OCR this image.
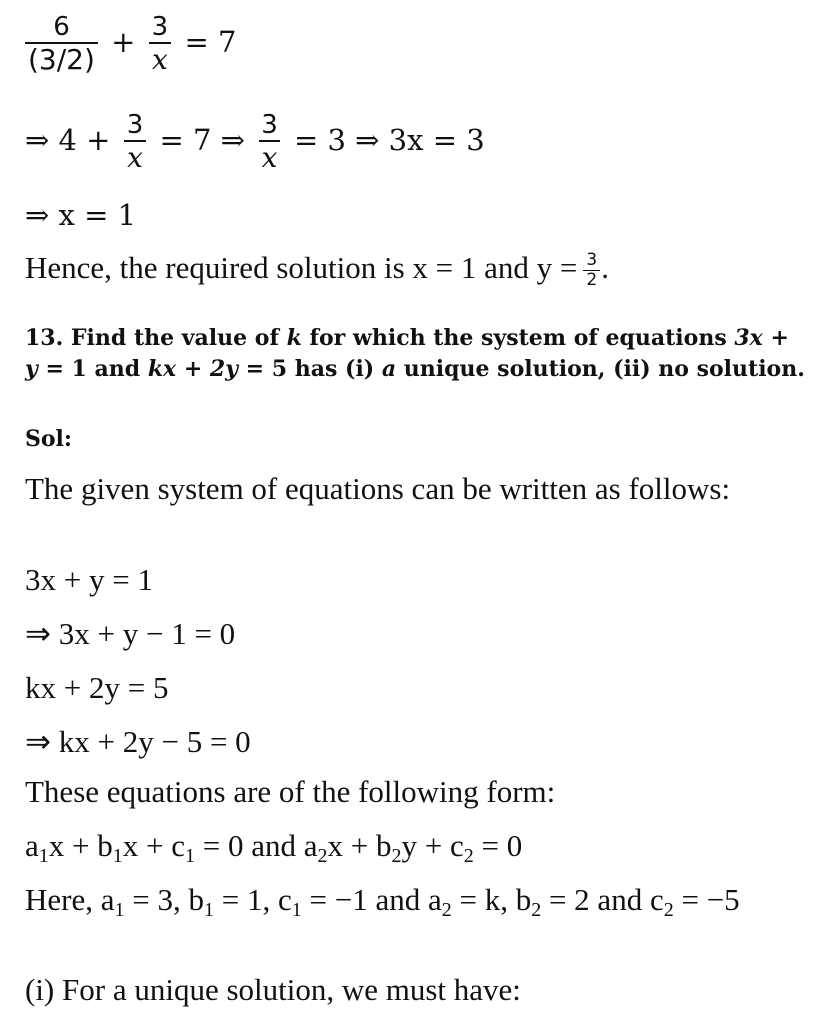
$\frac{6}{(3/2)} + \frac{3}{x} = 7$
⇒ $4 + \frac{3}{x} = 7$ ⇒ $\frac{3}{x} = 3$ ⇒ 3x = 3
⇒ x = 1
Hence, the required solution is x = 1 and $y = \frac{3}{2}$ .
13. Find the value of k for which the system of equations 3x + y = 1 and kx + 2y = 5 has (i) a unique solution, (ii) no solution.
Sol:
The given system of equations can be written as follows:
3x + y = 1
⇒ 3x + y − 1 = 0
kx + 2y = 5
⇒ kx + 2y − 5 = 0
These equations are of the following form:
$a_1x + b_1x + c_1 = 0$ and $a_2x + b_2y + c_2 = 0$
Here, $a_1 = 3$, $b_1 = 1$, $c_1 = -1$ and $a_2 = k$, $b_2 = 2$ and $c_2 = -5$
(i) For a unique solution, we must have:
